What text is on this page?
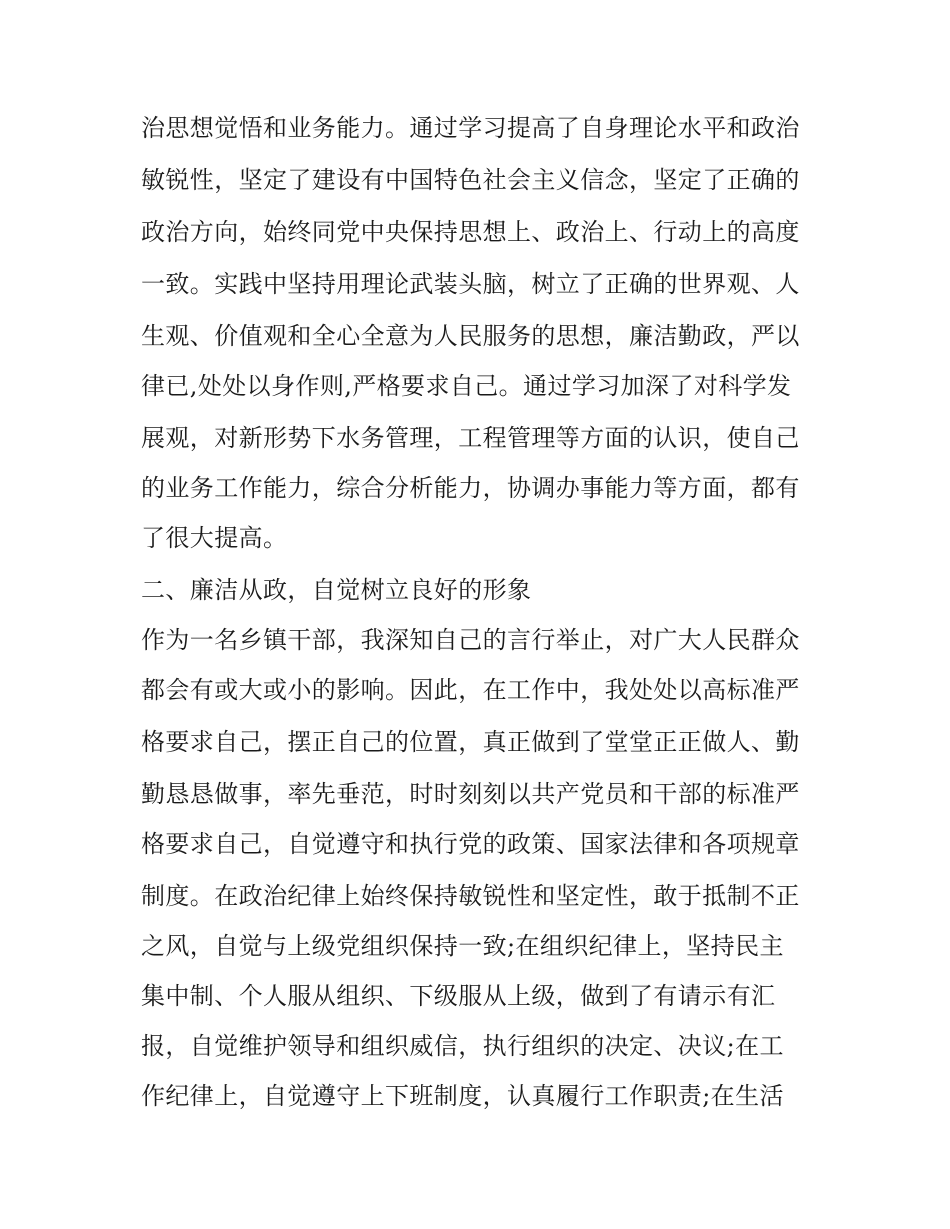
治思想觉悟和业务能力。通过学习提高了自身理论水平和政治

敏锐性，坚定了建设有中国特色社会主义信念，坚定了正确的

政治方向，始终同党中央保持思想上、政治上、行动上的高度

一致。实践中坚持用理论武装头脑，树立了正确的世界观、人

生观、价值观和全心全意为人民服务的思想，廉洁勤政，严以

律已,处处以身作则,严格要求自己。通过学习加深了对科学发

展观，对新形势下水务管理，工程管理等方面的认识，使自己

的业务工作能力，综合分析能力，协调办事能力等方面，都有

了很大提高。

二、廉洁从政，自觉树立良好的形象

作为一名乡镇干部，我深知自己的言行举止，对广大人民群众

都会有或大或小的影响。因此，在工作中，我处处以高标准严

格要求自己，摆正自己的位置，真正做到了堂堂正正做人、勤

勤恳恳做事，率先垂范，时时刻刻以共产党员和干部的标准严

格要求自己，自觉遵守和执行党的政策、国家法律和各项规章

制度。在政治纪律上始终保持敏锐性和坚定性，敢于抵制不正

之风，自觉与上级党组织保持一致;在组织纪律上，坚持民主

集中制、个人服从组织、下级服从上级，做到了有请示有汇

报，自觉维护领导和组织威信，执行组织的决定、决议;在工

作纪律上，自觉遵守上下班制度，认真履行工作职责;在生活
